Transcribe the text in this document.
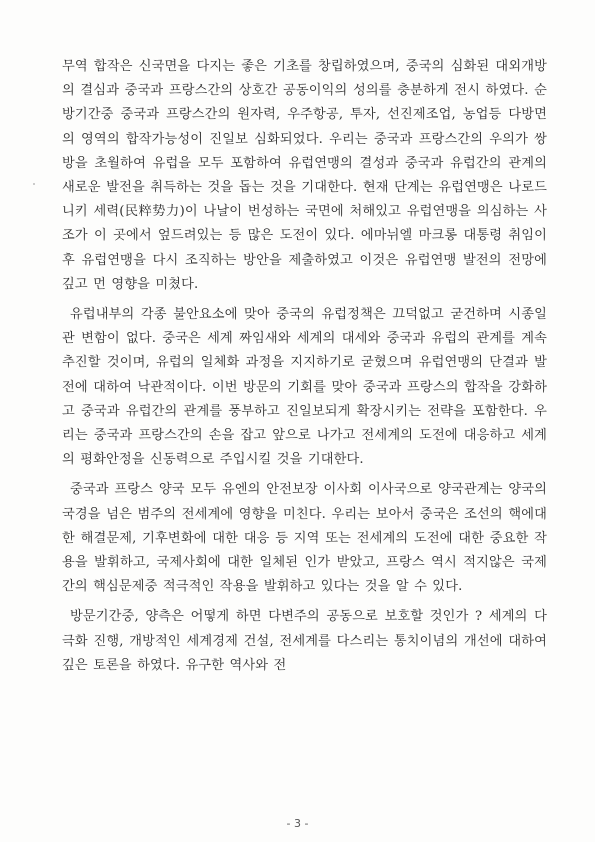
무역 합작은 신국면을 다지는 좋은 기초를 창립하였으며, 중국의 심화된 대외개방의 결심과 중국과 프랑스간의 상호간 공동이익의 성의를 충분하게 전시 하였다. 순방기간중 중국과 프랑스간의 원자력, 우주항공, 투자, 선진제조업, 농업등 다방면의 영역의 합작가능성이 진일보 심화되었다. 우리는 중국과 프랑스간의 우의가 쌍방을 초월하여 유럽을 모두 포함하여 유럽연맹의 결성과 중국과 유럽간의 관계의 새로운 발전을 취득하는 것을 돕는 것을 기대한다. 현재 단계는 유럽연맹은 나로드니키 세력(民粹势力)이 나날이 번성하는 국면에 처해있고 유럽연맹을 의심하는 사조가 이 곳에서 엎드려있는 등 많은 도전이 있다. 에마뉘엘 마크롱 대통령 취임이후 유럽연맹을 다시 조직하는 방안을 제출하였고 이것은 유럽연맹 발전의 전망에 깊고 먼 영향을 미쳤다.

유럽내부의 각종 불안요소에 맞아 중국의 유럽정책은 끄덕없고 굳건하며 시종일관 변함이 없다. 중국은 세계 짜임새와 세계의 대세와 중국과 유럽의 관계를 계속 추진할 것이며, 유럽의 일체화 과정을 지지하기로 굳혔으며 유럽연맹의 단결과 발전에 대하여 낙관적이다. 이번 방문의 기회를 맞아 중국과 프랑스의 합작을 강화하고 중국과 유럽간의 관계를 풍부하고 진일보되게 확장시키는 전략을 포함한다. 우리는 중국과 프랑스간의 손을 잡고 앞으로 나가고 전세계의 도전에 대응하고 세계의 평화안정을 신동력으로 주입시킬 것을 기대한다.

중국과 프랑스 양국 모두 유엔의 안전보장 이사회 이사국으로 양국관계는 양국의 국경을 넘은 범주의 전세계에 영향을 미친다. 우리는 보아서 중국은 조선의 핵에대한 해결문제, 기후변화에 대한 대응 등 지역 또는 전세계의 도전에 대한 중요한 작용을 발휘하고, 국제사회에 대한 일체된 인가 받았고, 프랑스 역시 적지않은 국제간의 핵심문제중 적극적인 작용을 발휘하고 있다는 것을 알 수 있다.

방문기간중, 양측은 어떻게 하면 다변주의 공동으로 보호할 것인가 ? 세계의 다극화 진행, 개방적인 세계경제 건설, 전세계를 다스리는 통치이념의 개선에 대하여 깊은 토론을 하였다. 유구한 역사와 전

- 3 -
